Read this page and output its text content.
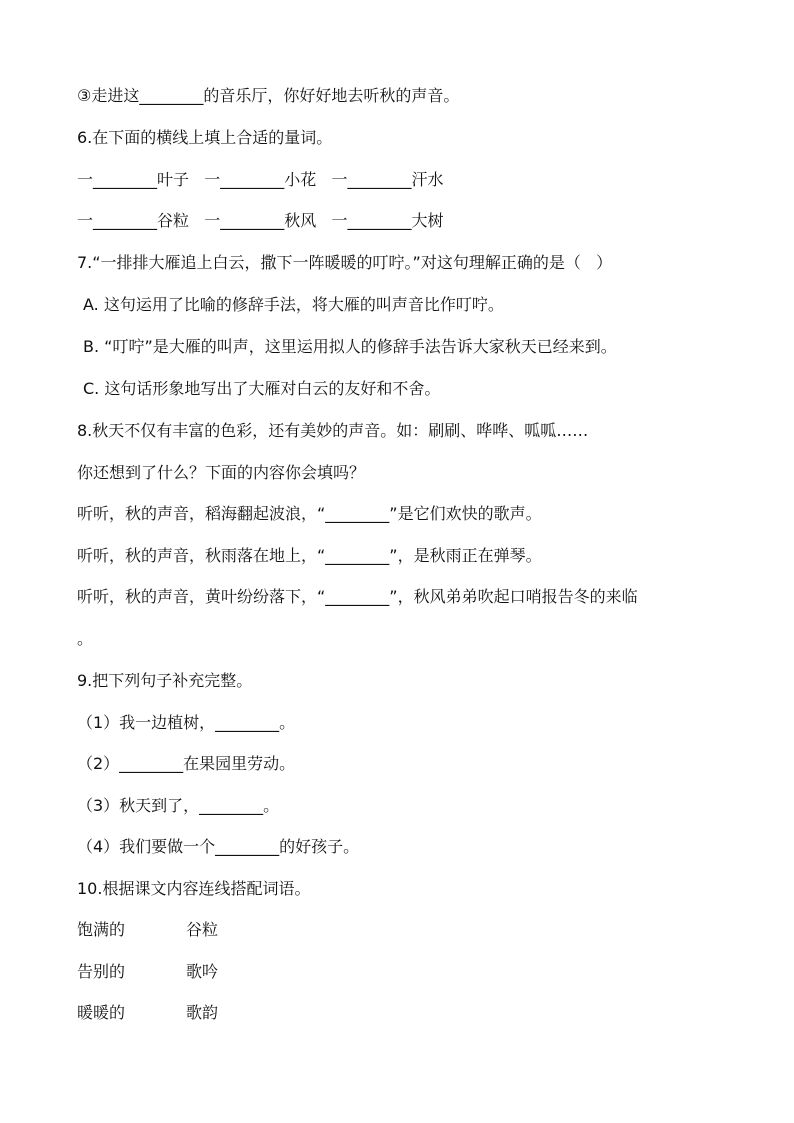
③走进这________的音乐厅，你好好地去听秋的声音。
6.在下面的横线上填上合适的量词。
一________叶子   一________小花   一________汗水
一________谷粒   一________秋风   一________大树
7.“一排排大雁追上白云，撒下一阵暖暖的叮咛。”对这句理解正确的是（   ）
A. 这句运用了比喻的修辞手法，将大雁的叫声音比作叮咛。
B. “叮咛”是大雁的叫声，这里运用拟人的修辞手法告诉大家秋天已经来到。
C. 这句话形象地写出了大雁对白云的友好和不舍。
8.秋天不仅有丰富的色彩，还有美妙的声音。如：刷刷、哗哗、呱呱……
你还想到了什么？下面的内容你会填吗？
听听，秋的声音，稻海翻起波浪，“________”是它们欢快的歌声。
听听，秋的声音，秋雨落在地上，“________”，是秋雨正在弹琴。
听听，秋的声音，黄叶纷纷落下，“________”，秋风弟弟吹起口哨报告冬的来临
。
9.把下列句子补充完整。
（1）我一边植树，________。
（2）________在果园里劳动。
（3）秋天到了，________。
（4）我们要做一个________的好孩子。
10.根据课文内容连线搭配词语。
饱满的	谷粒
告别的	歌吟
暖暖的	歌韵
